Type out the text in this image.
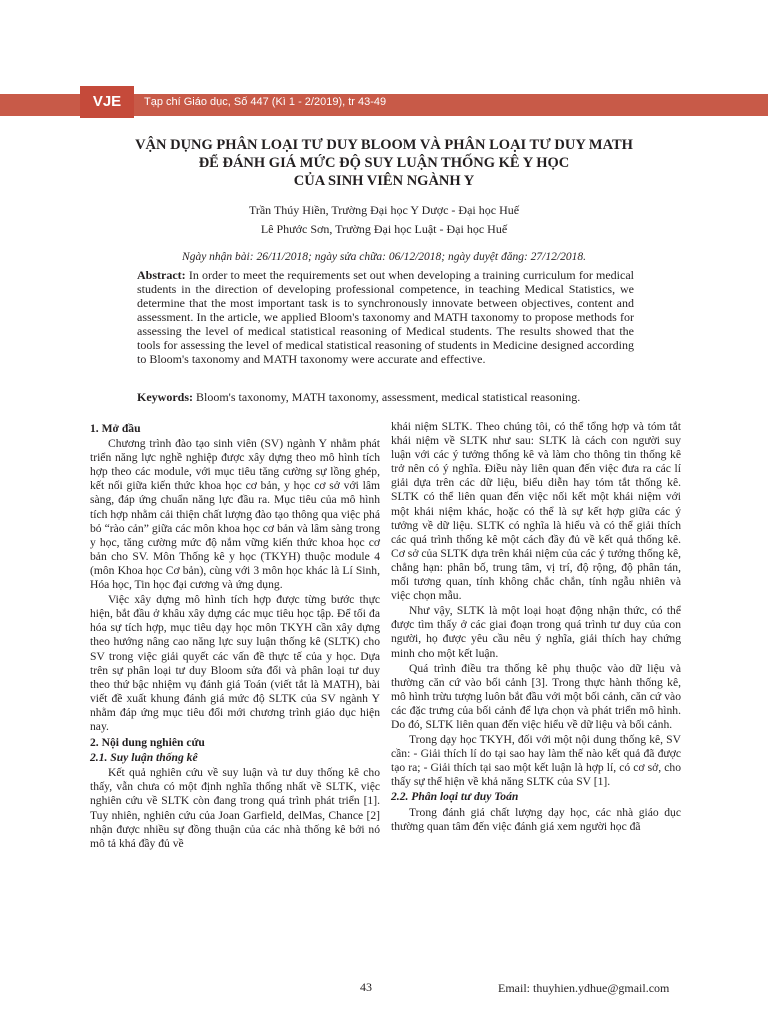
VJE	Tạp chí Giáo dục, Số 447 (Kì 1 - 2/2019), tr 43-49
VẬN DỤNG PHÂN LOẠI TƯ DUY BLOOM VÀ PHÂN LOẠI TƯ DUY MATH
ĐỂ ĐÁNH GIÁ MỨC ĐỘ SUY LUẬN THỐNG KÊ Y HỌC
CỦA SINH VIÊN NGÀNH Y
Trần Thúy Hiền, Trường Đại học Y Dược - Đại học Huế
Lê Phước Sơn, Trường Đại học Luật - Đại học Huế
Ngày nhận bài: 26/11/2018; ngày sửa chữa: 06/12/2018; ngày duyệt đăng: 27/12/2018.
Abstract: In order to meet the requirements set out when developing a training curriculum for medical students in the direction of developing professional competence, in teaching Medical Statistics, we determine that the most important task is to synchronously innovate between objectives, content and assessment. In the article, we applied Bloom's taxonomy and MATH taxonomy to propose methods for assessing the level of medical statistical reasoning of Medical students. The results showed that the tools for assessing the level of medical statistical reasoning of students in Medicine designed according to Bloom's taxonomy and MATH taxonomy were accurate and effective.
Keywords: Bloom's taxonomy, MATH taxonomy, assessment, medical statistical reasoning.
1. Mở đầu

Chương trình đào tạo sinh viên (SV) ngành Y nhằm phát triển năng lực nghề nghiệp được xây dựng theo mô hình tích hợp theo các module, với mục tiêu tăng cường sự lồng ghép, kết nối giữa kiến thức khoa học cơ bản, y học cơ sở với lâm sàng, đáp ứng chuẩn năng lực đầu ra. Mục tiêu của mô hình tích hợp nhằm cải thiện chất lượng đào tạo thông qua việc phá bỏ “rào cản” giữa các môn khoa học cơ bản và lâm sàng trong y học, tăng cường mức độ nắm vững kiến thức khoa học cơ bản cho SV. Môn Thống kê y học (TKYH) thuộc module 4 (môn Khoa học Cơ bản), cùng với 3 môn học khác là Lí Sinh, Hóa học, Tin học đại cương và ứng dụng.

Việc xây dựng mô hình tích hợp được từng bước thực hiện, bắt đầu ở khâu xây dựng các mục tiêu học tập. Để tối đa hóa sự tích hợp, mục tiêu dạy học môn TKYH cần xây dựng theo hướng nâng cao năng lực suy luận thống kê (SLTK) cho SV trong việc giải quyết các vấn đề thực tế của y học. Dựa trên sự phân loại tư duy Bloom sửa đổi và phân loại tư duy theo thứ bậc nhiệm vụ đánh giá Toán (viết tắt là MATH), bài viết đề xuất khung đánh giá mức độ SLTK của SV ngành Y nhằm đáp ứng mục tiêu đổi mới chương trình giáo dục hiện nay.

2. Nội dung nghiên cứu
2.1. Suy luận thống kê

Kết quả nghiên cứu về suy luận và tư duy thống kê cho thấy, vẫn chưa có một định nghĩa thống nhất về SLTK, việc nghiên cứu về SLTK còn đang trong quá trình phát triển [1]. Tuy nhiên, nghiên cứu của Joan Garfield, delMas, Chance [2] nhận được nhiều sự đồng thuận của các nhà thống kê bởi nó mô tả khá đầy đủ về

khái niệm SLTK. Theo chúng tôi, có thể tổng hợp và tóm tắt khái niệm về SLTK như sau: SLTK là cách con người suy luận với các ý tưởng thống kê và làm cho thông tin thống kê trở nên có ý nghĩa. Điều này liên quan đến việc đưa ra các lí giải dựa trên các dữ liệu, biểu diễn hay tóm tắt thống kê. SLTK có thể liên quan đến việc nối kết một khái niệm với một khái niệm khác, hoặc có thể là sự kết hợp giữa các ý tưởng về dữ liệu. SLTK có nghĩa là hiểu và có thể giải thích các quá trình thống kê một cách đầy đủ về kết quả thống kê. Cơ sở của SLTK dựa trên khái niệm của các ý tưởng thống kê, chẳng hạn: phân bố, trung tâm, vị trí, độ rộng, độ phân tán, mối tương quan, tính không chắc chắn, tính ngẫu nhiên và việc chọn mẫu.

Như vậy, SLTK là một loại hoạt động nhận thức, có thể được tìm thấy ở các giai đoạn trong quá trình tư duy của con người, họ được yêu cầu nêu ý nghĩa, giải thích hay chứng minh cho một kết luận.

Quá trình điều tra thống kê phụ thuộc vào dữ liệu và thường căn cứ vào bối cảnh [3]. Trong thực hành thống kê, mô hình trừu tượng luôn bắt đầu với một bối cảnh, căn cứ vào các đặc trưng của bối cảnh để lựa chọn và phát triển mô hình. Do đó, SLTK liên quan đến việc hiểu về dữ liệu và bối cảnh.

Trong dạy học TKYH, đối với một nội dung thống kê, SV cần: - Giải thích lí do tại sao hay làm thế nào kết quả đã được tạo ra; - Giải thích tại sao một kết luận là hợp lí, có cơ sở, cho thấy sự thể hiện về khả năng SLTK của SV [1].

2.2. Phân loại tư duy Toán

Trong đánh giá chất lượng dạy học, các nhà giáo dục thường quan tâm đến việc đánh giá xem người học đã

43	Email: thuyhien.ydhue@gmail.com
